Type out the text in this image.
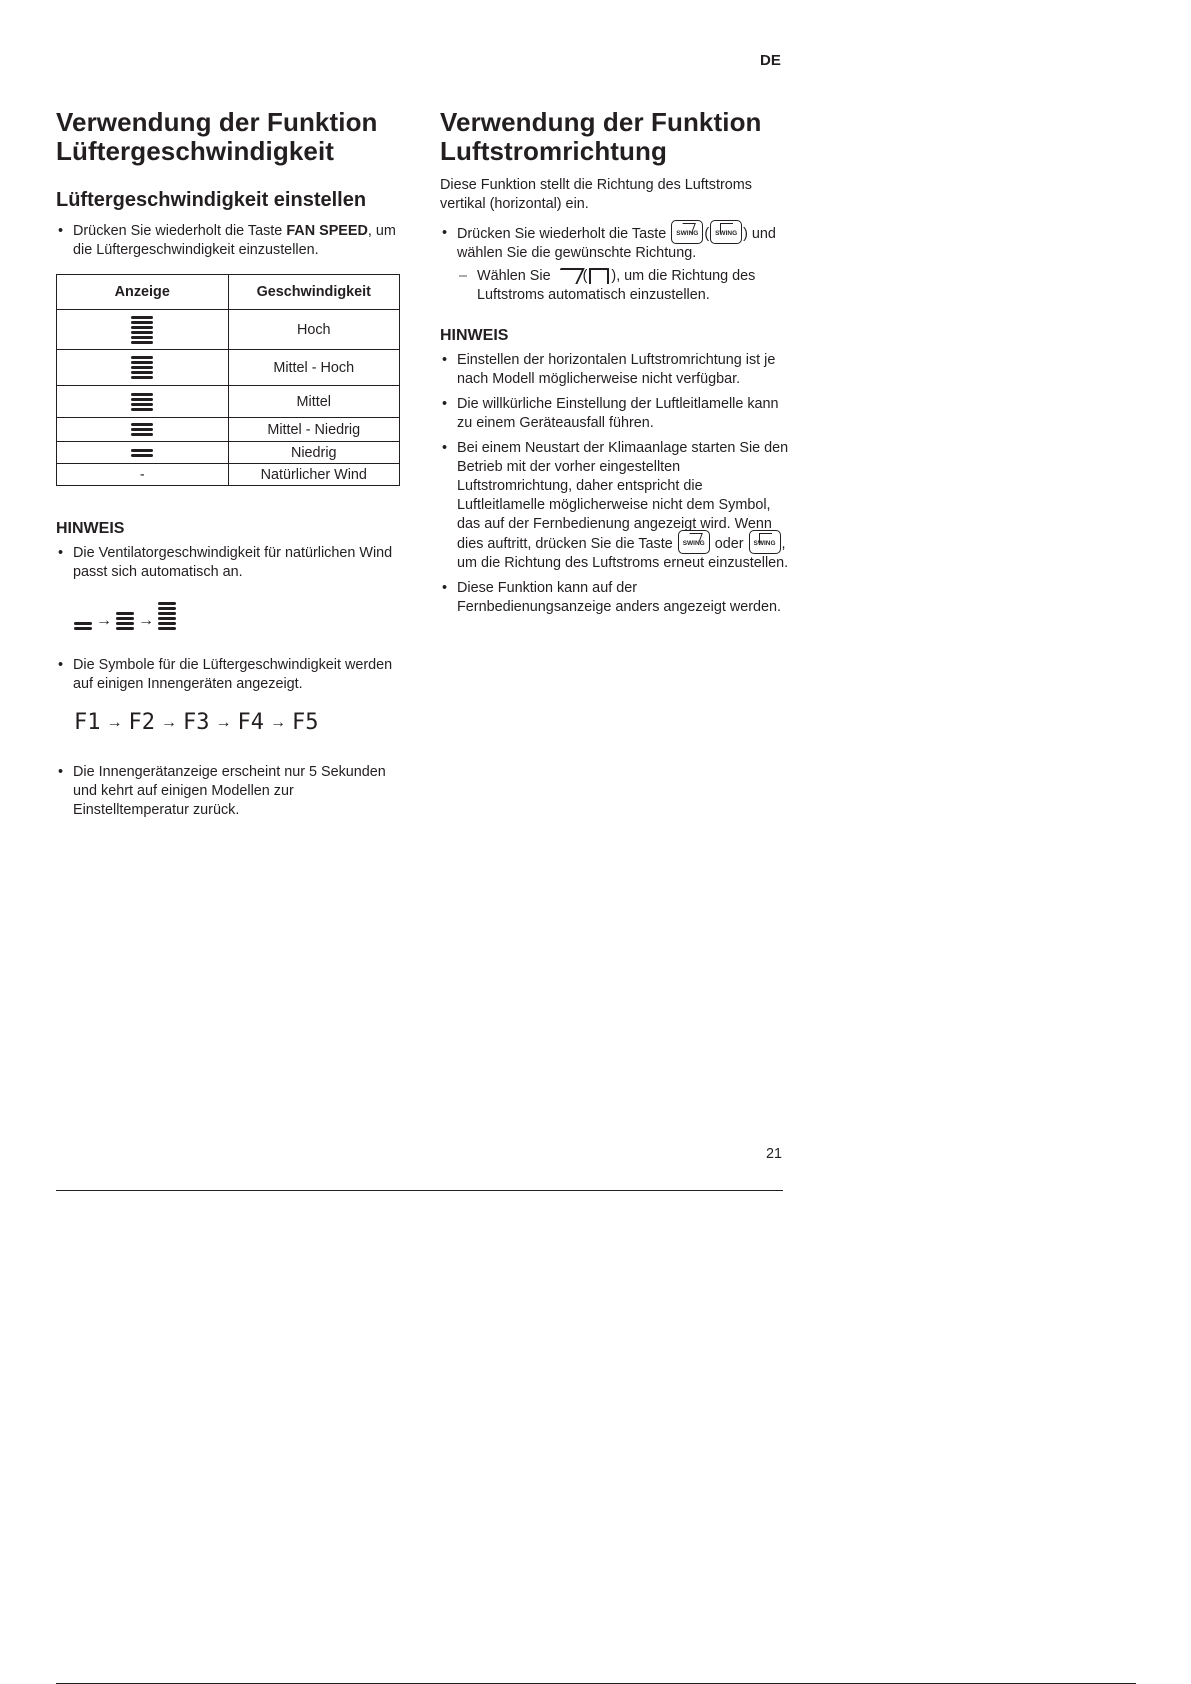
DE
Verwendung der Funktion
Lüftergeschwindigkeit
Lüftergeschwindigkeit einstellen
• Drücken Sie wiederholt die Taste FAN SPEED, um die Lüftergeschwindigkeit einzustellen.
Anzeige	Geschwindigkeit

	Hoch

	Mittel - Hoch

	Mittel

	Mittel - Niedrig

	Niedrig
-	Natürlicher Wind
HINWEIS
• Die Ventilatorgeschwindigkeit für natürlichen Wind passt sich automatisch an.
→ →
• Die Symbole für die Lüftergeschwindigkeit werden auf einigen Innengeräten angezeigt.
F1 → F2 → F3 → F4 → F5
• Die Innengerätanzeige erscheint nur 5 Sekunden und kehrt auf einigen Modellen zur Einstelltemperatur zurück.
Verwendung der Funktion
Luftstromrichtung

Diese Funktion stellt die Richtung des Luftstroms vertikal (horizontal) ein.

• Drücken Sie wiederholt die Taste SWING ( SWING ) und wählen Sie die gewünschte Richtung.
– Wählen Sie ( ), um die Richtung des Luftstroms automatisch einzustellen.
HINWEIS
• Einstellen der horizontalen Luftstromrichtung ist je nach Modell möglicherweise nicht verfügbar.
• Die willkürliche Einstellung der Luftleitlamelle kann zu einem Geräteausfall führen.
• Bei einem Neustart der Klimaanlage starten Sie den Betrieb mit der vorher eingestellten Luftstromrichtung, daher entspricht die Luftleitlamelle möglicherweise nicht dem Symbol, das auf der Fernbedienung angezeigt wird. Wenn dies auftritt, drücken Sie die Taste SWING oder SWING , um die Richtung des Luftstroms erneut einzustellen.
• Diese Funktion kann auf der Fernbedienungsanzeige anders angezeigt werden.
21
